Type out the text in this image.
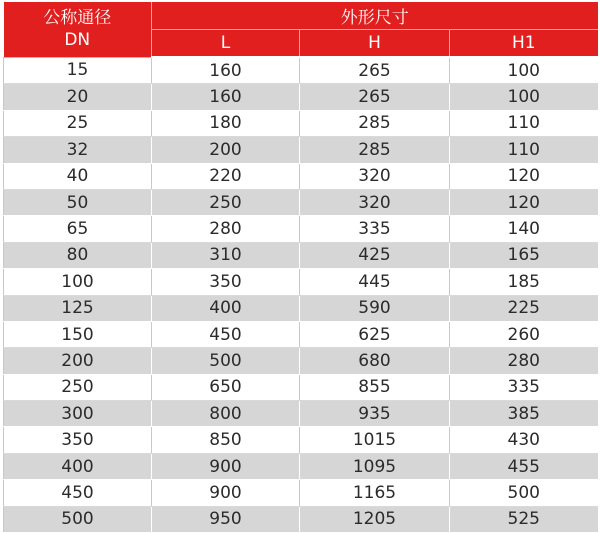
公称通径
DN	外形尺寸		
	L	H	H1
15	160	265	100
20	160	265	100
25	180	285	110
32	200	285	110
40	220	320	120
50	250	320	120
65	280	335	140
80	310	425	165
100	350	445	185
125	400	590	225
150	450	625	260
200	500	680	280
250	650	855	335
300	800	935	385
350	850	1015	430
400	900	1095	455
450	900	1165	500
500	950	1205	525
